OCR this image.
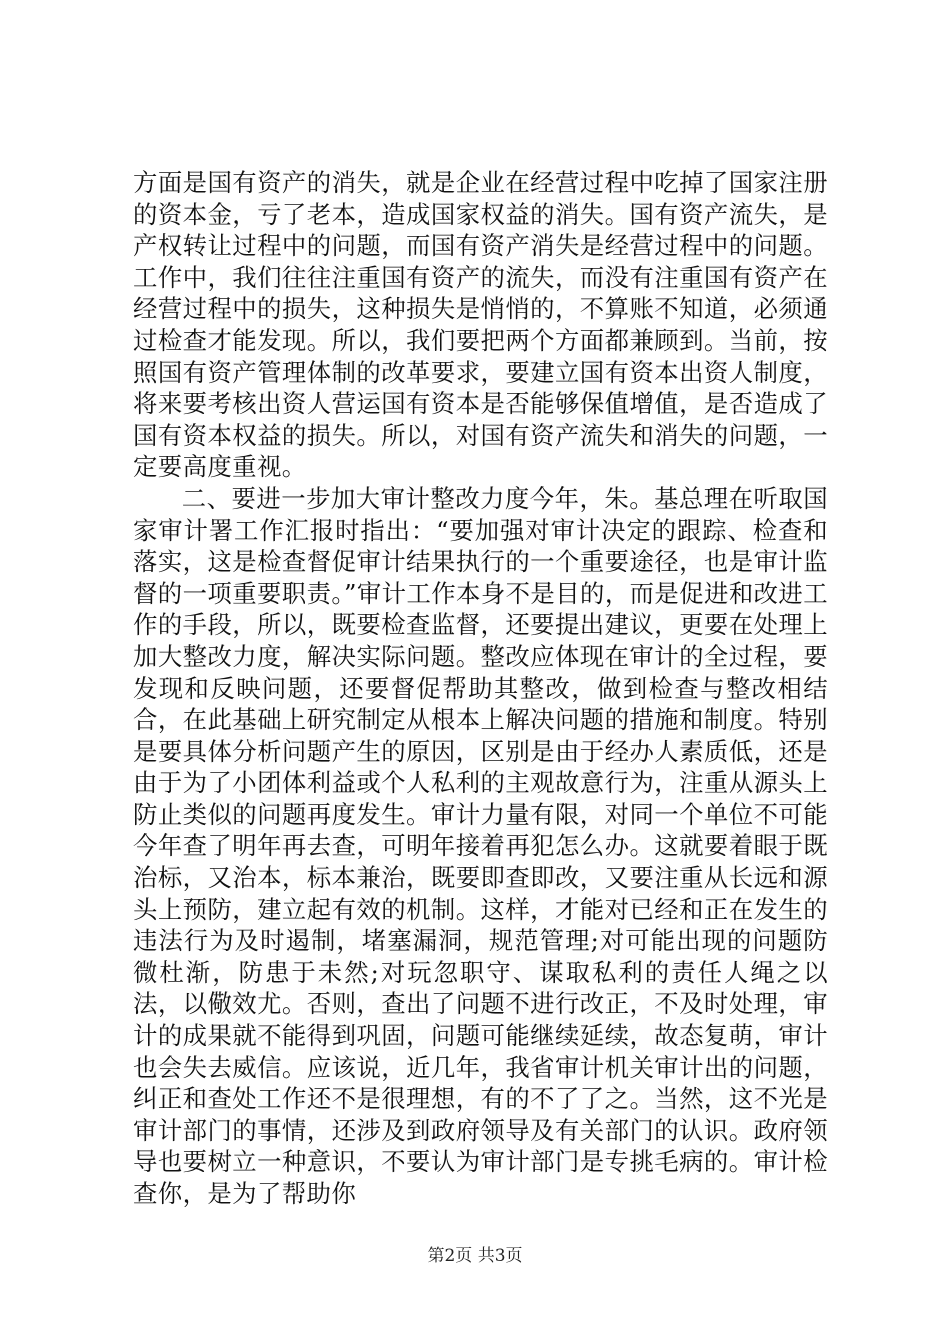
方面是国有资产的消失，就是企业在经营过程中吃掉了国家注册的资本金，亏了老本，造成国家权益的消失。国有资产流失，是产权转让过程中的问题，而国有资产消失是经营过程中的问题。工作中，我们往往注重国有资产的流失，而没有注重国有资产在经营过程中的损失，这种损失是悄悄的，不算账不知道，必须通过检查才能发现。所以，我们要把两个方面都兼顾到。当前，按照国有资产管理体制的改革要求，要建立国有资本出资人制度，将来要考核出资人营运国有资本是否能够保值增值，是否造成了国有资本权益的损失。所以，对国有资产流失和消失的问题，一定要高度重视。

二、要进一步加大审计整改力度今年，朱。基总理在听取国家审计署工作汇报时指出：“要加强对审计决定的跟踪、检查和落实，这是检查督促审计结果执行的一个重要途径，也是审计监督的一项重要职责。”审计工作本身不是目的，而是促进和改进工作的手段，所以，既要检查监督，还要提出建议，更要在处理上加大整改力度，解决实际问题。整改应体现在审计的全过程，要发现和反映问题，还要督促帮助其整改，做到检查与整改相结合，在此基础上研究制定从根本上解决问题的措施和制度。特别是要具体分析问题产生的原因，区别是由于经办人素质低，还是由于为了小团体利益或个人私利的主观故意行为，注重从源头上防止类似的问题再度发生。审计力量有限，对同一个单位不可能今年查了明年再去查，可明年接着再犯怎么办。这就要着眼于既治标，又治本，标本兼治，既要即查即改，又要注重从长远和源头上预防，建立起有效的机制。这样，才能对已经和正在发生的违法行为及时遏制，堵塞漏洞，规范管理;对可能出现的问题防微杜渐，防患于未然;对玩忽职守、谋取私利的责任人绳之以法，以儆效尤。否则，查出了问题不进行改正，不及时处理，审计的成果就不能得到巩固，问题可能继续延续，故态复萌，审计也会失去威信。应该说，近几年，我省审计机关审计出的问题，纠正和查处工作还不是很理想，有的不了了之。当然，这不光是审计部门的事情，还涉及到政府领导及有关部门的认识。政府领导也要树立一种意识，不要认为审计部门是专挑毛病的。审计检查你，是为了帮助你

第2页 共3页
